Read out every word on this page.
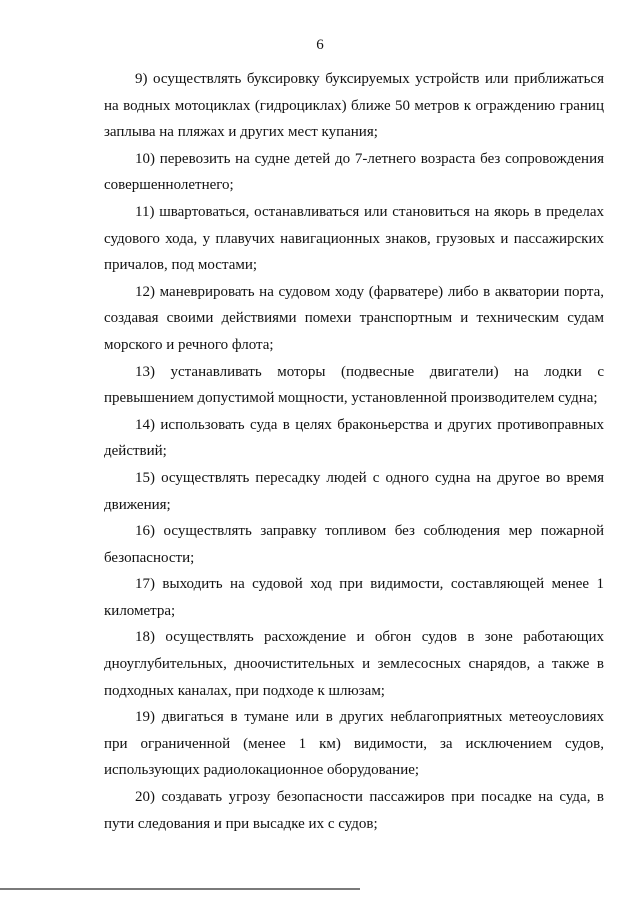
6

9) осуществлять буксировку буксируемых устройств или приближаться на водных мотоциклах (гидроциклах) ближе 50 метров к ограждению границ заплыва на пляжах и других мест купания;

10) перевозить на судне детей до 7-летнего возраста без сопровождения совершеннолетнего;

11) швартоваться, останавливаться или становиться на якорь в пределах судового хода, у плавучих навигационных знаков, грузовых и пассажирских причалов, под мостами;

12) маневрировать на судовом ходу (фарватере) либо в акватории порта, создавая своими действиями помехи транспортным и техническим судам морского и речного флота;

13) устанавливать моторы (подвесные двигатели) на лодки с превышением допустимой мощности, установленной производителем судна;

14) использовать суда в целях браконьерства и других противоправных действий;

15) осуществлять пересадку людей с одного судна на другое во время движения;

16) осуществлять заправку топливом без соблюдения мер пожарной безопасности;

17) выходить на судовой ход при видимости, составляющей менее 1 километра;

18) осуществлять расхождение и обгон судов в зоне работающих дноуглубительных, дноочистительных и землесосных снарядов, а также в подходных каналах, при подходе к шлюзам;

19) двигаться в тумане или в других неблагоприятных метеоусловиях при ограниченной (менее 1 км) видимости, за исключением судов, использующих радиолокационное оборудование;

20) создавать угрозу безопасности пассажиров при посадке на суда, в пути следования и при высадке их с судов;
